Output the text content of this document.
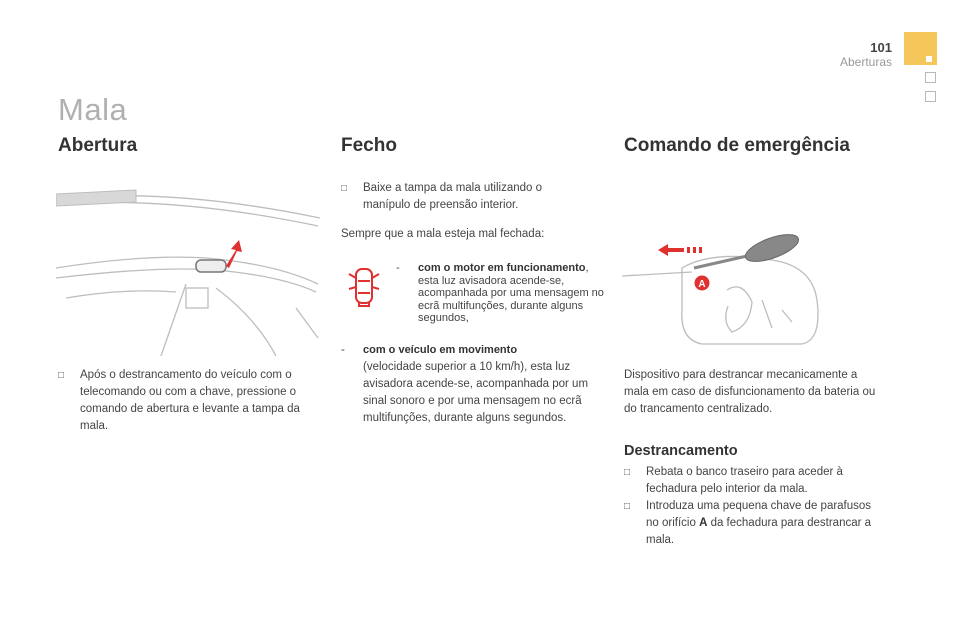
101
Aberturas
Mala
Abertura
□ Após o destrancamento do veículo com o telecomando ou com a chave, pressione o comando de abertura e levante a tampa da mala.
Fecho
□ Baixe a tampa da mala utilizando o manípulo de preensão interior.
Sempre que a mala esteja mal fechada:
-	com o motor em funcionamento, esta luz avisadora acende-se, acompanhada por uma mensagem no ecrã multifunções, durante alguns segundos,
-	com o veículo em movimento
(velocidade superior a 10 km/h), esta luz avisadora acende-se, acompanhada por um sinal sonoro e por uma mensagem no ecrã multifunções, durante alguns segundos.
Comando de emergência
A
Dispositivo para destrancar mecanicamente a mala em caso de disfuncionamento da bateria ou do trancamento centralizado.
Destrancamento
□ Rebata o banco traseiro para aceder à fechadura pelo interior da mala.
□ Introduza uma pequena chave de parafusos no orifício A da fechadura para destrancar a mala.
